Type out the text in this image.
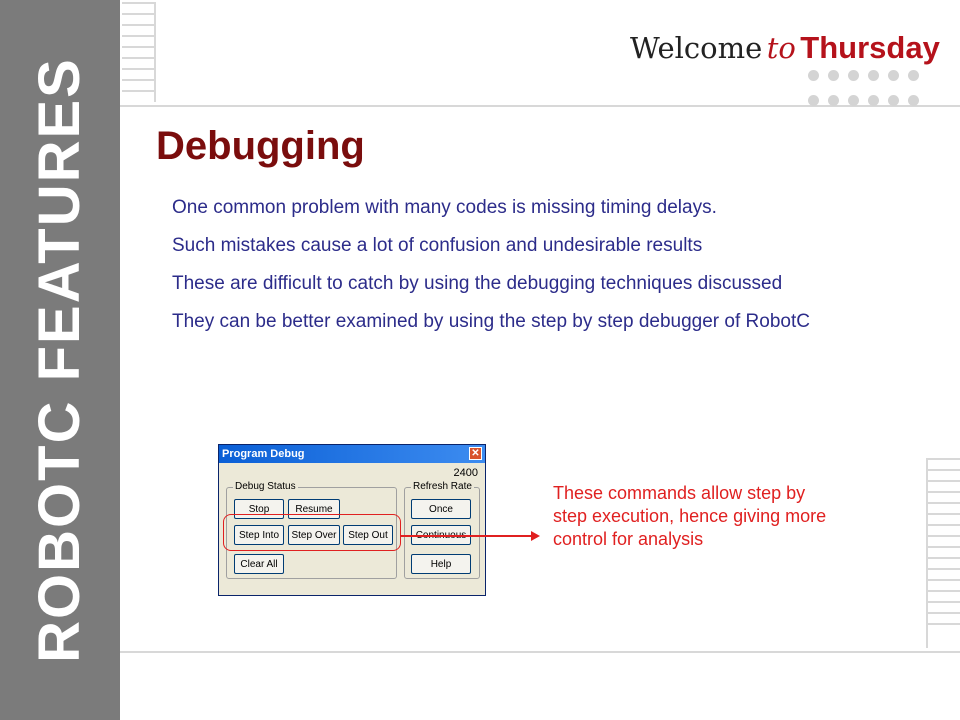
ROBOTC FEATURES
Welcome to Thursday

Debugging
One common problem with many codes is missing timing delays.
Such mistakes cause a lot of confusion and undesirable results
These are difficult to catch by using the debugging techniques discussed
They can be better examined by using the step by step debugger of RobotC
Program Debug	✕
2400
Debug Status
Stop	Resume
Step Into	Step Over	Step Out
Clear All
Refresh Rate
Once
Help
These commands allow step by step execution, hence giving more control for analysis
